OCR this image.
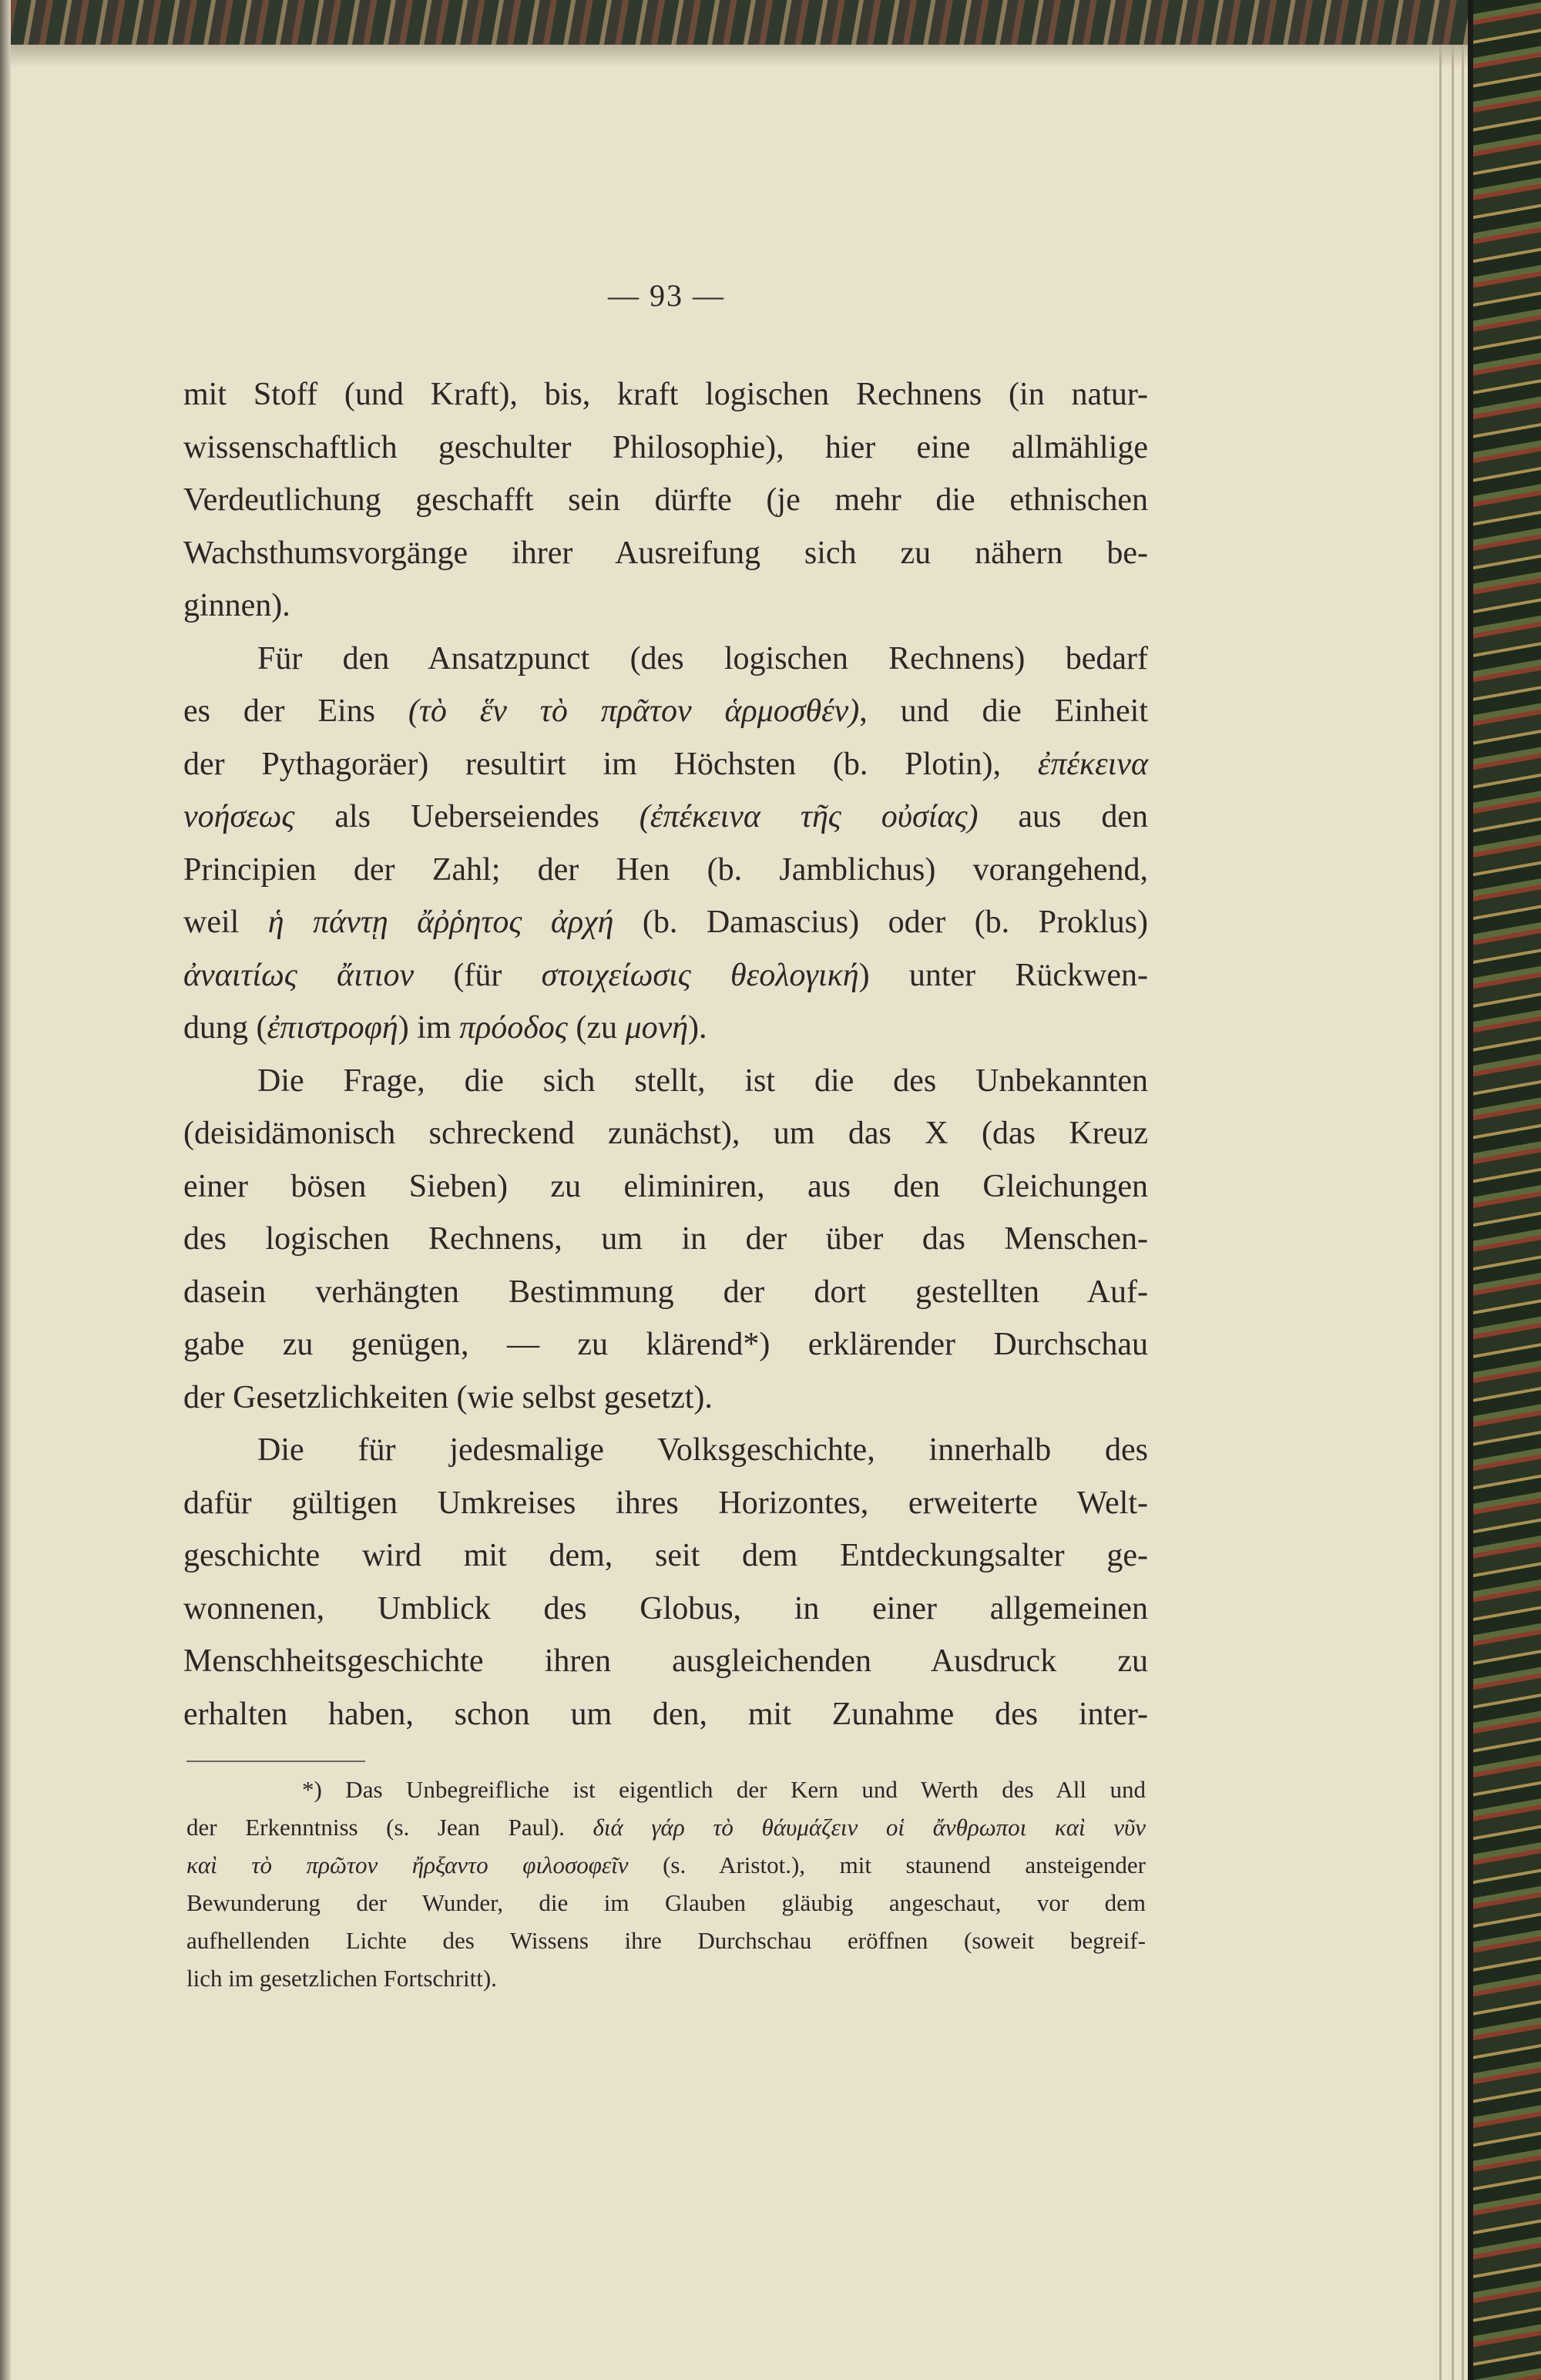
— 93 —
mit Stoff (und Kraft), bis, kraft logischen Rechnens (in natur-
wissenschaftlich geschulter Philosophie), hier eine allmählige
Verdeutlichung geschafft sein dürfte (je mehr die ethnischen
Wachsthumsvorgänge ihrer Ausreifung sich zu nähern be-
ginnen).
Für den Ansatzpunct (des logischen Rechnens) bedarf
es der Eins (τὸ ἕν τὸ πρᾶτον ἁρμοσθέν), und die Einheit
der Pythagoräer) resultirt im Höchsten (b. Plotin), ἐπέκεινα
νοήσεως als Ueberseiendes (ἐπέκεινα τῆς οὐσίας) aus den
Principien der Zahl; der Hen (b. Jamblichus) vorangehend,
weil ἡ πάντῃ ἄῤῥητος ἀρχή (b. Damascius) oder (b. Proklus)
ἀναιτίως ἄιτιον (für στοιχείωσις θεολογική) unter Rückwen-
dung (ἐπιστροφή) im πρόοδος (zu μονή).
Die Frage, die sich stellt, ist die des Unbekannten
(deisidämonisch schreckend zunächst), um das X (das Kreuz
einer bösen Sieben) zu eliminiren, aus den Gleichungen
des logischen Rechnens, um in der über das Menschen-
dasein verhängten Bestimmung der dort gestellten Auf-
gabe zu genügen, — zu klärend*) erklärender Durchschau
der Gesetzlichkeiten (wie selbst gesetzt).
Die für jedesmalige Volksgeschichte, innerhalb des
dafür gültigen Umkreises ihres Horizontes, erweiterte Welt-
geschichte wird mit dem, seit dem Entdeckungsalter ge-
wonnenen, Umblick des Globus, in einer allgemeinen
Menschheitsgeschichte ihren ausgleichenden Ausdruck zu
erhalten haben, schon um den, mit Zunahme des inter-
*) Das Unbegreifliche ist eigentlich der Kern und Werth des All und
der Erkenntniss (s. Jean Paul). διά γάρ τὸ θάυμάζειν οἱ ἄνθρωποι καὶ νῦν
καὶ τὸ πρῶτον ἤρξαντο φιλοσοφεῖν (s. Aristot.), mit staunend ansteigender
Bewunderung der Wunder, die im Glauben gläubig angeschaut, vor dem
aufhellenden Lichte des Wissens ihre Durchschau eröffnen (soweit begreif-
lich im gesetzlichen Fortschritt).
